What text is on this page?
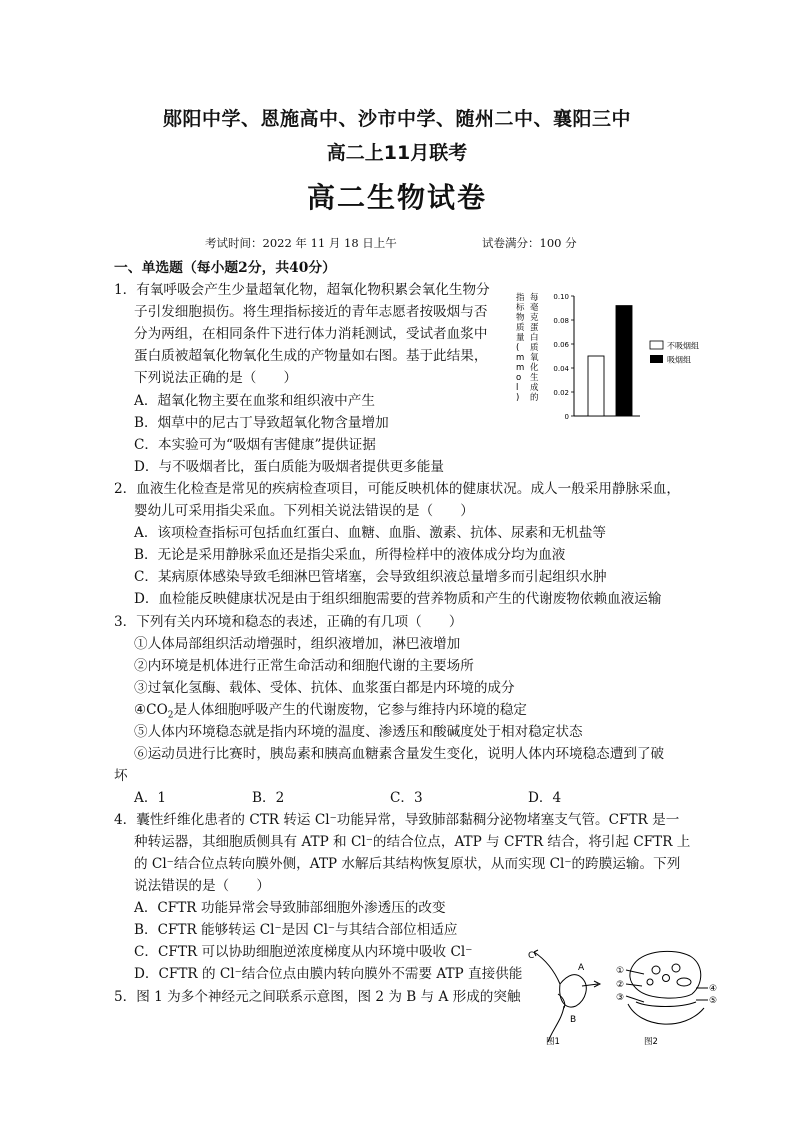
郧阳中学、恩施高中、沙市中学、随州二中、襄阳三中
高二上11月联考
高二生物试卷
考试时间：2022 年 11 月 18 日上午	试卷满分：100 分
一、单选题（每小题2分，共40分）
1．有氧呼吸会产生少量超氧化物，超氧化物积累会氧化生物分
子引发细胞损伤。将生理指标接近的青年志愿者按吸烟与否
分为两组，在相同条件下进行体力消耗测试，受试者血浆中
蛋白质被超氧化物氧化生成的产物量如右图。基于此结果，
下列说法正确的是（　　）
A．超氧化物主要在血浆和组织液中产生
B．烟草中的尼古丁导致超氧化物含量增加
C．本实验可为“吸烟有害健康”提供证据
D．与不吸烟者比，蛋白质能为吸烟者提供更多能量
指标物质量( m m o l )
每毫克蛋白质氧化生成的
0
0.02
0.04
0.06
0.08
0.10
不吸烟组
吸烟组
2．血液生化检查是常见的疾病检查项目，可能反映机体的健康状况。成人一般采用静脉采血，
婴幼儿可采用指尖采血。下列相关说法错误的是（　　）
A．该项检查指标可包括血红蛋白、血糖、血脂、激素、抗体、尿素和无机盐等
B．无论是采用静脉采血还是指尖采血，所得检样中的液体成分均为血液
C．某病原体感染导致毛细淋巴管堵塞，会导致组织液总量增多而引起组织水肿
D．血检能反映健康状况是由于组织细胞需要的营养物质和产生的代谢废物依赖血液运输
3．下列有关内环境和稳态的表述，正确的有几项（　　）
①人体局部组织活动增强时，组织液增加，淋巴液增加
②内环境是机体进行正常生命活动和细胞代谢的主要场所
③过氧化氢酶、载体、受体、抗体、血浆蛋白都是内环境的成分
$④CO_2$是人体细胞呼吸产生的代谢废物，它参与维持内环境的稳定
⑤人体内环境稳态就是指内环境的温度、渗透压和酸碱度处于相对稳定状态
⑥运动员进行比赛时，胰岛素和胰高血糖素含量发生变化，说明人体内环境稳态遭到了破
坏
A．1	B．2	C．3	D．4
4．囊性纤维化患者的 CTR 转运 Cl⁻功能异常，导致肺部黏稠分泌物堵塞支气管。CFTR 是一
种转运器，其细胞质侧具有 ATP 和 Cl⁻的结合位点，ATP 与 CFTR 结合，将引起 CFTR 上
的 Cl⁻结合位点转向膜外侧，ATP 水解后其结构恢复原状，从而实现 Cl⁻的跨膜运输。下列
说法错误的是（　　）
A．CFTR 功能异常会导致肺部细胞外渗透压的改变
B．CFTR 能够转运 Cl⁻是因 Cl⁻与其结合部位相适应
C．CFTR 可以协助细胞逆浓度梯度从内环境中吸收 Cl⁻
D．CFTR 的 Cl⁻结合位点由膜内转向膜外不需要 ATP 直接供能
5．图 1 为多个神经元之间联系示意图，图 2 为 B 与 A 形成的突触
C
A
B
图1
①
②
③
④
⑤
图2
